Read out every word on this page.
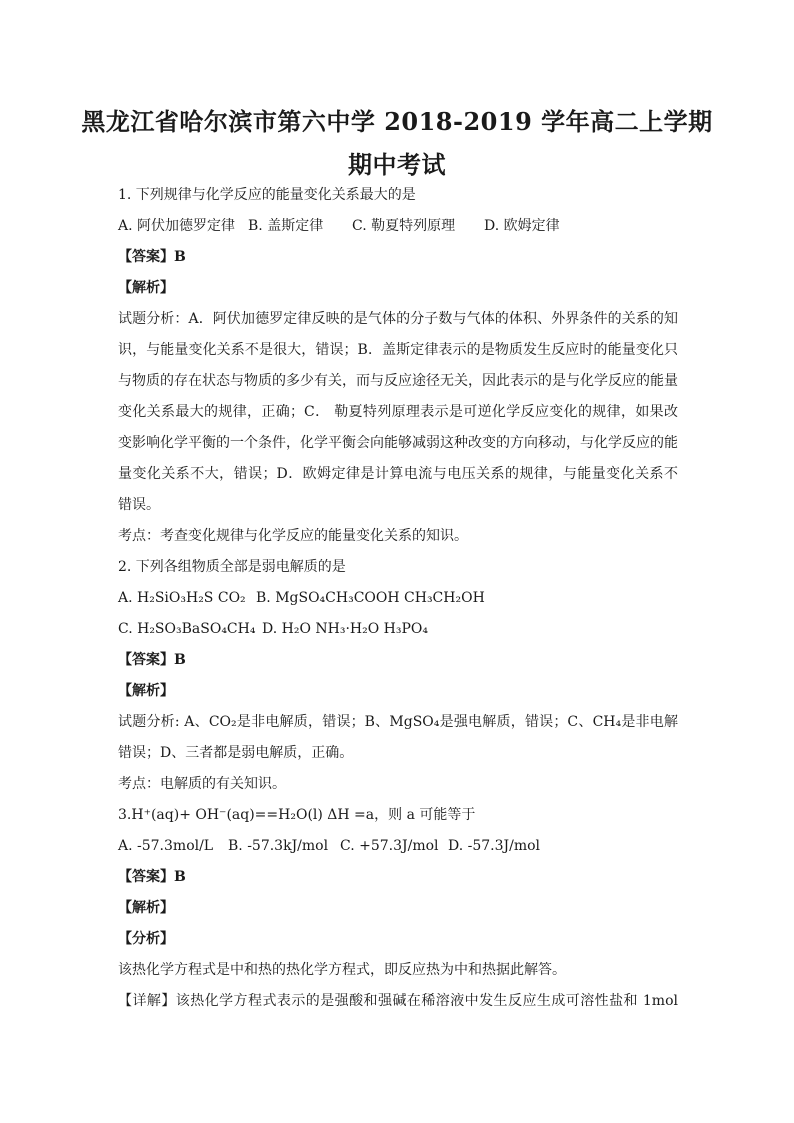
黑龙江省哈尔滨市第六中学 2018-2019 学年高二上学期
期中考试
1. 下列规律与化学反应的能量变化关系最大的是
A. 阿伏加德罗定律 B. 盖斯定律 C. 勒夏特列原理 D. 欧姆定律
【答案】B
【解析】
试题分析：A．阿伏加德罗定律反映的是气体的分子数与气体的体积、外界条件的关系的知
识，与能量变化关系不是很大，错误；B．盖斯定律表示的是物质发生反应时的能量变化只
与物质的存在状态与物质的多少有关，而与反应途径无关，因此表示的是与化学反应的能量
变化关系最大的规律，正确；C． 勒夏特列原理表示是可逆化学反应变化的规律，如果改
变影响化学平衡的一个条件，化学平衡会向能够减弱这种改变的方向移动，与化学反应的能
量变化关系不大，错误；D．欧姆定律是计算电流与电压关系的规律，与能量变化关系不
错误。
考点：考查变化规律与化学反应的能量变化关系的知识。
2. 下列各组物质全部是弱电解质的是
A. H₂SiO₃H₂S CO₂ B. MgSO₄CH₃COOH CH₃CH₂OH
C. H₂SO₃BaSO₄CH₄ D. H₂O NH₃·H₂O H₃PO₄
【答案】B
【解析】
试题分析: A、CO₂是非电解质，错误；B、MgSO₄是强电解质，错误；C、CH₄是非电解
错误；D、三者都是弱电解质，正确。
考点：电解质的有关知识。
3.H⁺(aq)+ OH⁻(aq)==H₂O(l) ΔH =a，则 a 可能等于
A. -57.3mol/L B. -57.3kJ/mol C. +57.3J/mol D. -57.3J/mol
【答案】B
【解析】
【分析】
该热化学方程式是中和热的热化学方程式，即反应热为中和热据此解答。
【详解】该热化学方程式表示的是强酸和强碱在稀溶液中发生反应生成可溶性盐和 1mol
